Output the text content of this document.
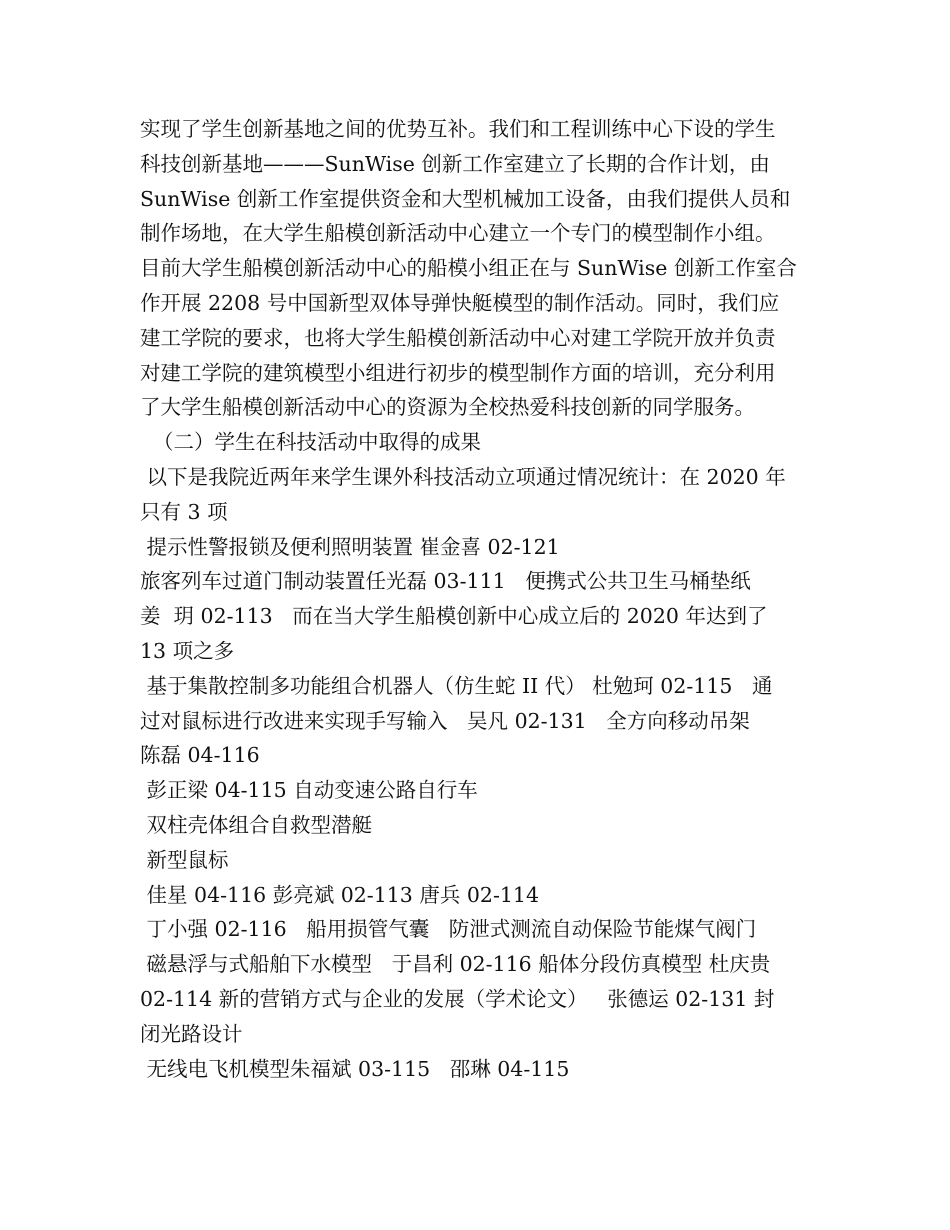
实现了学生创新基地之间的优势互补。我们和工程训练中心下设的学生
科技创新基地———SunWise 创新工作室建立了长期的合作计划，由
SunWise 创新工作室提供资金和大型机械加工设备，由我们提供人员和
制作场地，在大学生船模创新活动中心建立一个专门的模型制作小组。
目前大学生船模创新活动中心的船模小组正在与 SunWise 创新工作室合
作开展 2208 号中国新型双体导弹快艇模型的制作活动。同时，我们应
建工学院的要求，也将大学生船模创新活动中心对建工学院开放并负责
对建工学院的建筑模型小组进行初步的模型制作方面的培训，充分利用
了大学生船模创新活动中心的资源为全校热爱科技创新的同学服务。
（二）学生在科技活动中取得的成果
以下是我院近两年来学生课外科技活动立项通过情况统计：在 2020 年
只有 3 项
提示性警报锁及便利照明装置 崔金喜 02-121
旅客列车过道门制动装置任光磊 03-111   便携式公共卫生马桶垫纸
姜  玥 02-113   而在当大学生船模创新中心成立后的 2020 年达到了
13 项之多
基于集散控制多功能组合机器人（仿生蛇 II 代） 杜勉珂 02-115   通
过对鼠标进行改进来实现手写输入   吴凡 02-131   全方向移动吊架
陈磊 04-116
彭正梁 04-115 自动变速公路自行车
双柱壳体组合自救型潜艇
新型鼠标
佳星 04-116 彭亮斌 02-113 唐兵 02-114
丁小强 02-116   船用损管气囊   防泄式测流自动保险节能煤气阀门
磁悬浮与式船舶下水模型   于昌利 02-116 船体分段仿真模型 杜庆贵
02-114 新的营销方式与企业的发展（学术论文）   张德运 02-131 封
闭光路设计
无线电飞机模型朱福斌 03-115   邵琳 04-115
